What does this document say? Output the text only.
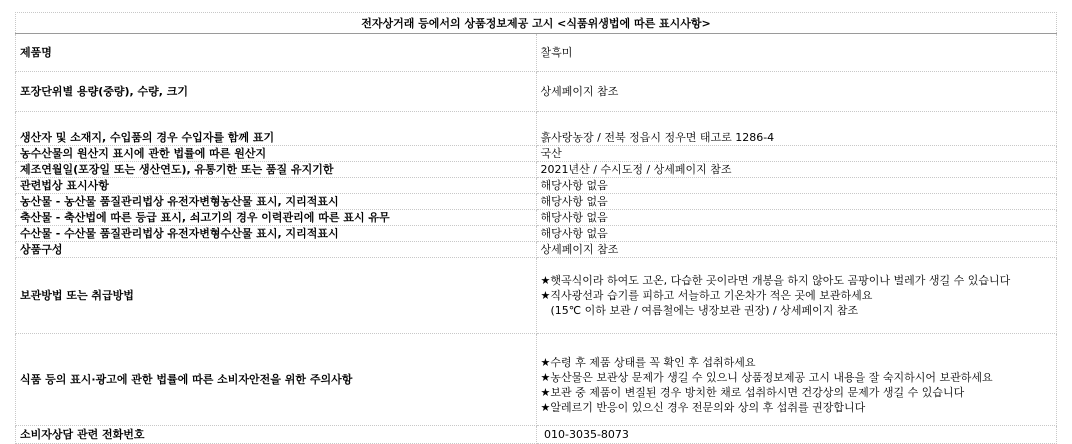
전자상거래 등에서의 상품정보제공 고시 <식품위생법에 따른 표시사항>	
제품명	찰흑미
포장단위별 용량(중량), 수량, 크기	상세페이지 참조
생산자 및 소재지, 수입품의 경우 수입자를 함께 표기	흙사랑농장 / 전북 정읍시 정우면 태고로 1286-4
농수산물의 원산지 표시에 관한 법률에 따른 원산지	국산
제조연월일(포장일 또는 생산연도), 유통기한 또는 품질 유지기한	2021년산 / 수시도정 / 상세페이지 참조
관련법상 표시사항	해당사항 없음
농산물 - 농산물 품질관리법상 유전자변형농산물 표시, 지리적표시	해당사항 없음
축산물 - 축산법에 따른 등급 표시, 쇠고기의 경우 이력관리에 따른 표시 유무	해당사항 없음
수산물 - 수산물 품질관리법상 유전자변형수산물 표시, 지리적표시	해당사항 없음
상품구성	상세페이지 참조
보관방법 또는 취급방법	★햇곡식이라 하여도 고온, 다습한 곳이라면 개봉을 하지 않아도 곰팡이나 벌레가 생길 수 있습니다
★직사광선과 습기를 피하고 서늘하고 기온차가 적은 곳에 보관하세요
(15℃ 이하 보관 / 여름철에는 냉장보관 권장) / 상세페이지 참조

식품 등의 표시·광고에 관한 법률에 따른 소비자안전을 위한 주의사항	★수령 후 제품 상태를 꼭 확인 후 섭취하세요
★농산물은 보관상 문제가 생길 수 있으니 상품정보제공 고시 내용을 잘 숙지하시어 보관하세요
★보관 중 제품이 변질된 경우 방치한 채로 섭취하시면 건강상의 문제가 생길 수 있습니다
★알레르기 반응이 있으신 경우 전문의와 상의 후 섭취를 권장합니다

소비자상담 관련 전화번호	010-3035-8073
